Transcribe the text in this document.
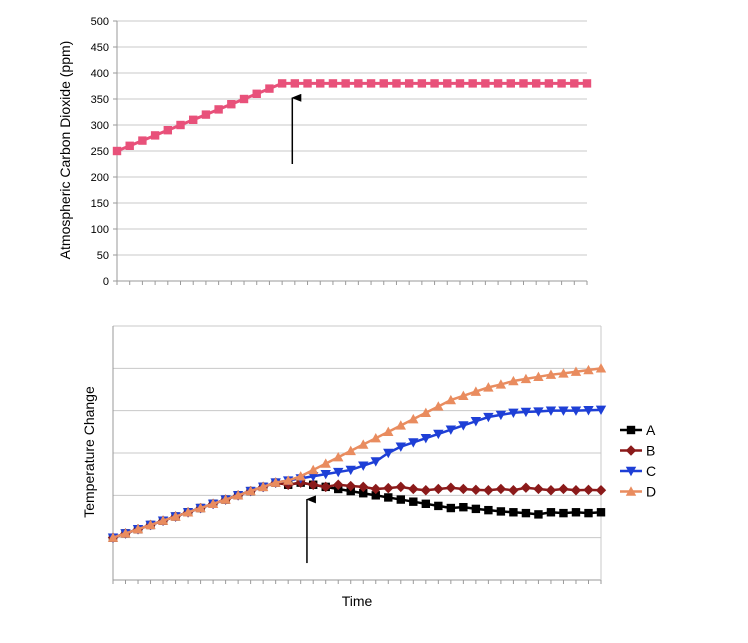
0
50
100
150
200
250
300
350
400
450
500
Atmospheric Carbon Dioxide (ppm)
Temperature Change
Time
A
B
C
D
